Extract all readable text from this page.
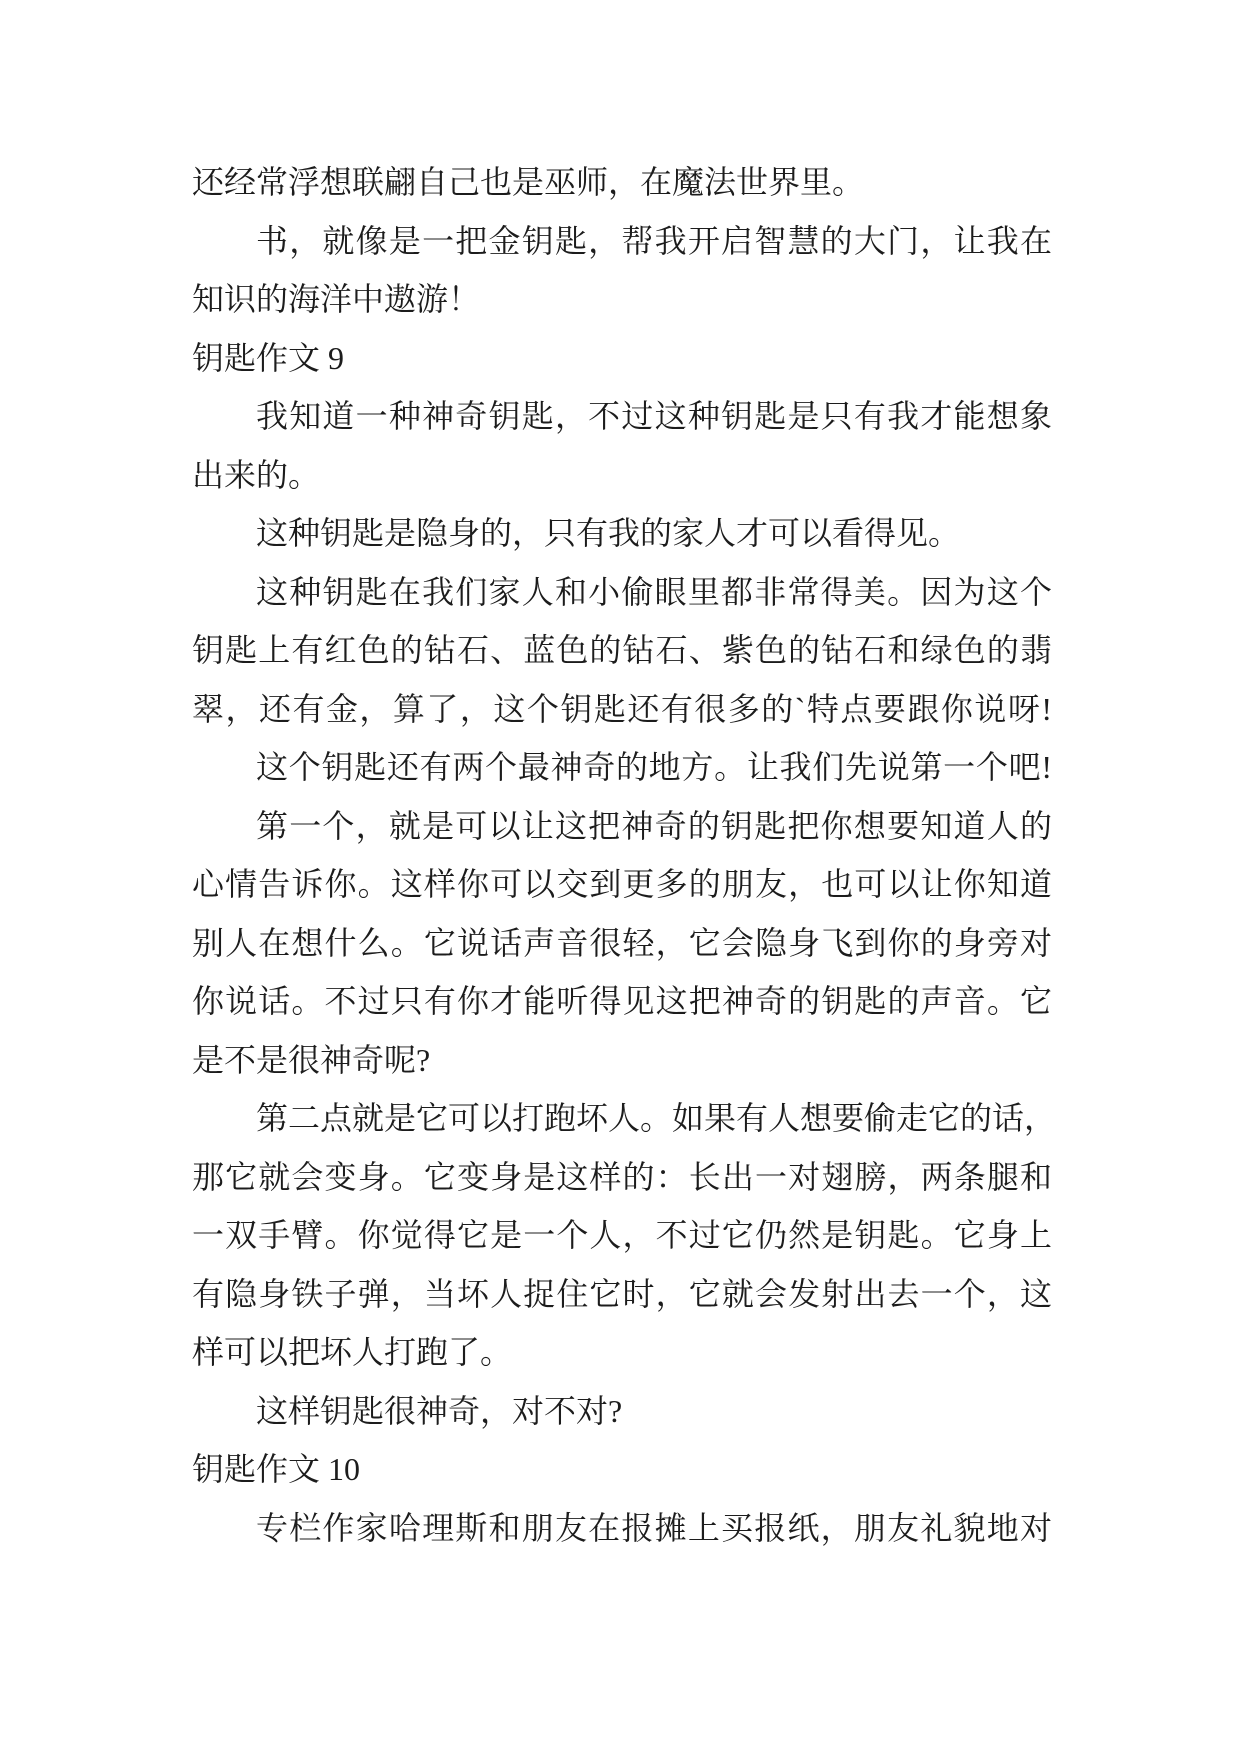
还经常浮想联翩自己也是巫师，在魔法世界里。
书，就像是一把金钥匙，帮我开启智慧的大门，让我在
知识的海洋中遨游！
钥匙作文 9
我知道一种神奇钥匙，不过这种钥匙是只有我才能想象
出来的。
这种钥匙是隐身的，只有我的家人才可以看得见。
这种钥匙在我们家人和小偷眼里都非常得美。因为这个
钥匙上有红色的钻石、蓝色的钻石、紫色的钻石和绿色的翡
翠，还有金，算了，这个钥匙还有很多的`特点要跟你说呀!
这个钥匙还有两个最神奇的地方。让我们先说第一个吧!
第一个，就是可以让这把神奇的钥匙把你想要知道人的
心情告诉你。这样你可以交到更多的朋友，也可以让你知道
别人在想什么。它说话声音很轻，它会隐身飞到你的身旁对
你说话。不过只有你才能听得见这把神奇的钥匙的声音。它
是不是很神奇呢?
第二点就是它可以打跑坏人。如果有人想要偷走它的话，
那它就会变身。它变身是这样的：长出一对翅膀，两条腿和
一双手臂。你觉得它是一个人，不过它仍然是钥匙。它身上
有隐身铁子弹，当坏人捉住它时，它就会发射出去一个，这
样可以把坏人打跑了。
这样钥匙很神奇，对不对?
钥匙作文 10
专栏作家哈理斯和朋友在报摊上买报纸，朋友礼貌地对
